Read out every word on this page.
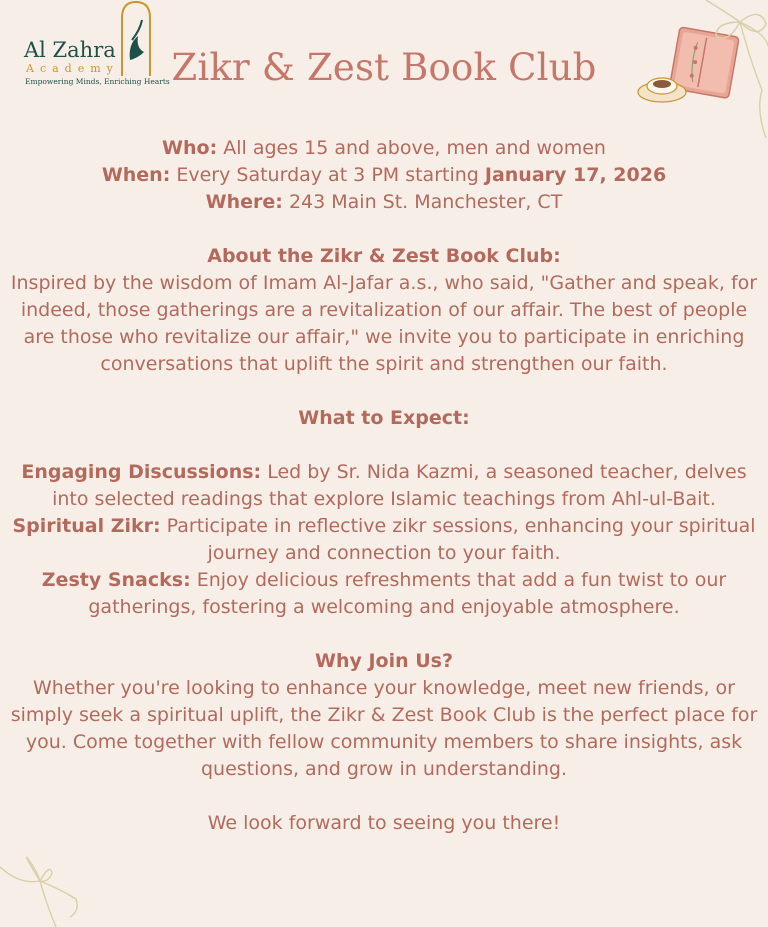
Al Zahra
Academy
Empowering Minds, Enriching Hearts Zikr & Zest Book Club

Who: All ages 15 and above, men and women

When: Every Saturday at 3 PM starting January 17, 2026

Where: 243 Main St. Manchester, CT

About the Zikr & Zest Book Club:

Inspired by the wisdom of Imam Al-Jafar a.s., who said, "Gather and speak, for indeed, those gatherings are a revitalization of our affair. The best of people are those who revitalize our affair," we invite you to participate in enriching conversations that uplift the spirit and strengthen our faith.

What to Expect:

Engaging Discussions: Led by Sr. Nida Kazmi, a seasoned teacher, delves into selected readings that explore Islamic teachings from Ahl-ul-Bait.

Spiritual Zikr: Participate in reflective zikr sessions, enhancing your spiritual journey and connection to your faith.

Zesty Snacks: Enjoy delicious refreshments that add a fun twist to our gatherings, fostering a welcoming and enjoyable atmosphere.

Why Join Us?

Whether you're looking to enhance your knowledge, meet new friends, or simply seek a spiritual uplift, the Zikr & Zest Book Club is the perfect place for you. Come together with fellow community members to share insights, ask questions, and grow in understanding.

We look forward to seeing you there!
